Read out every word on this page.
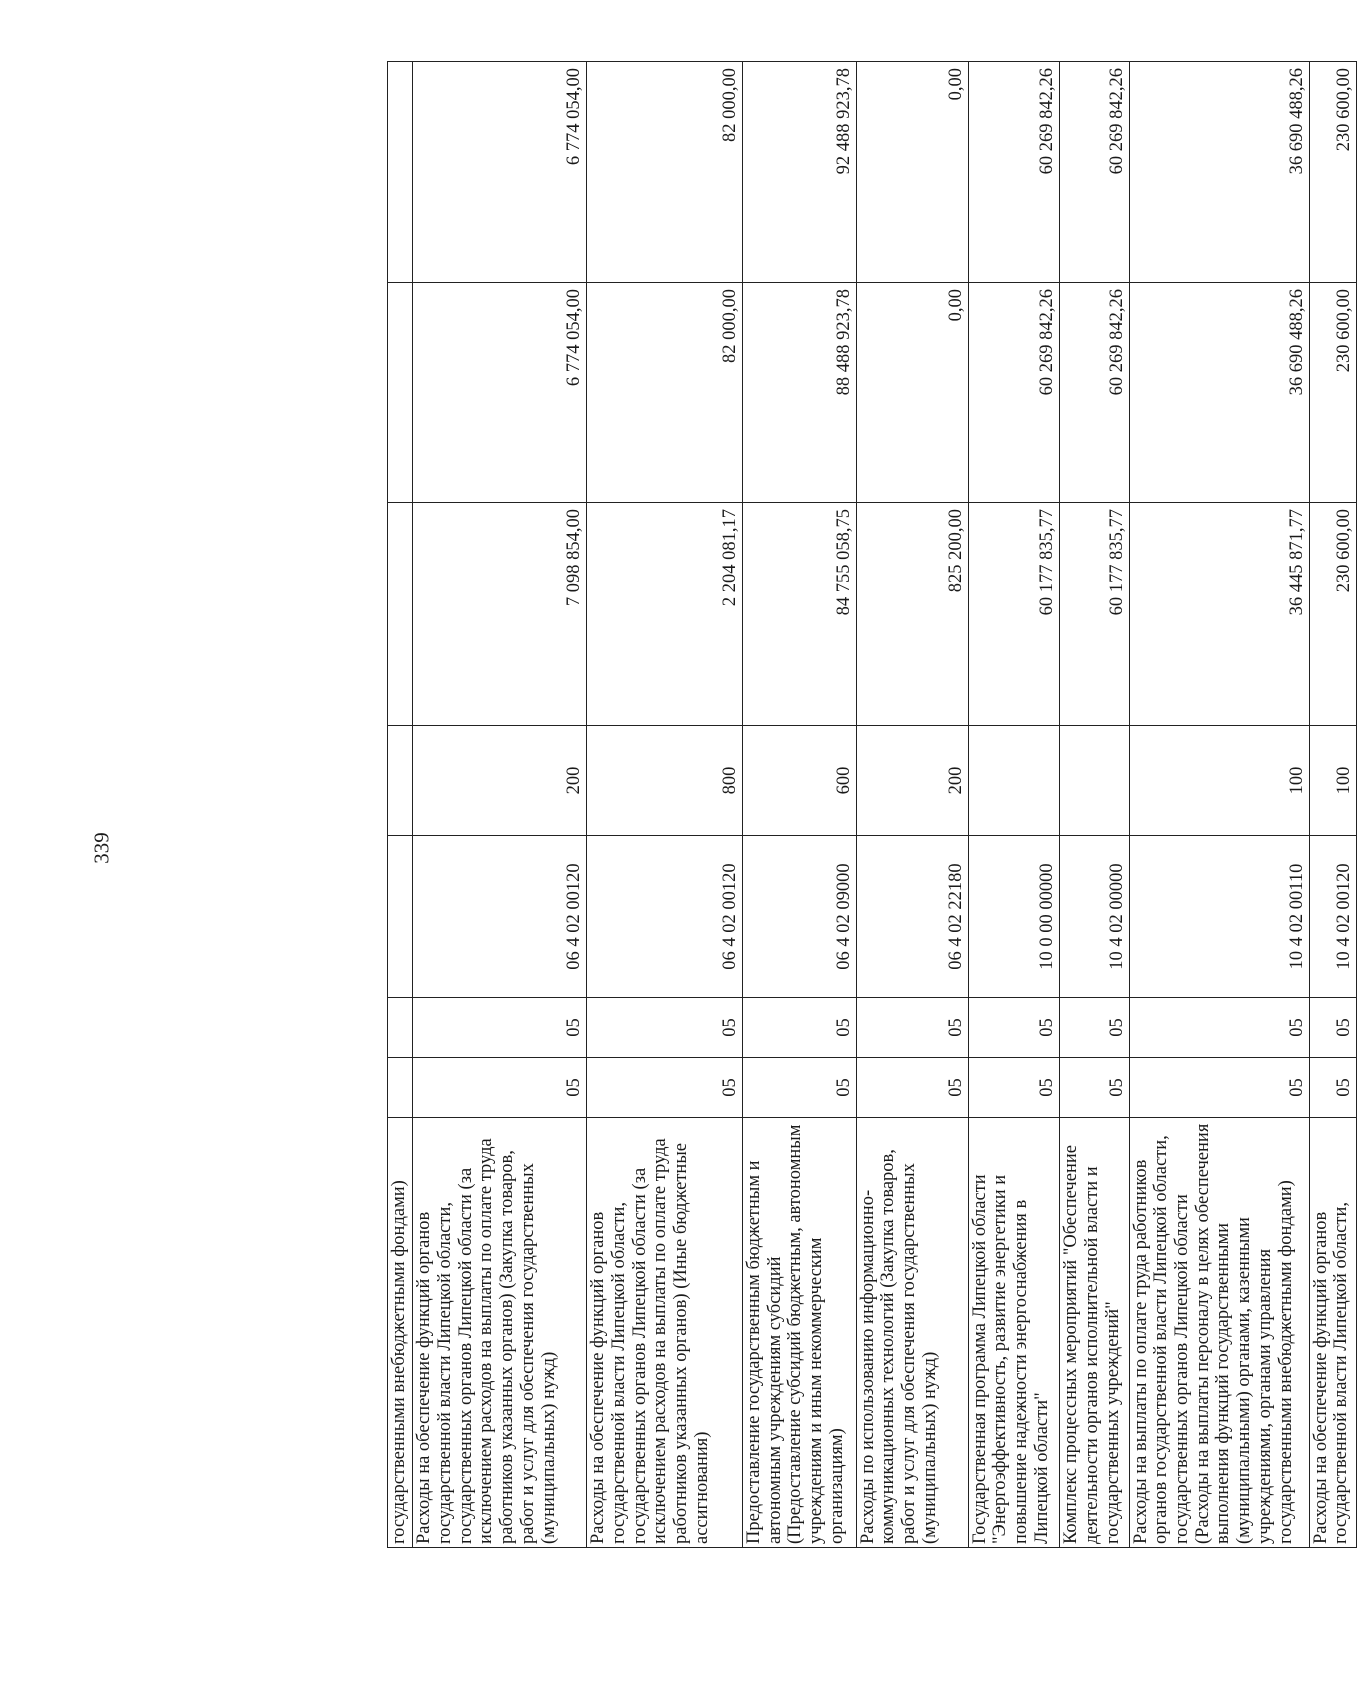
339
государственными внебюджетными фондами)							
Расходы на обеспечение функций органов государственной власти Липецкой области, государственных органов Липецкой области (за исключением расходов на выплаты по оплате труда работников указанных органов) (Закупка товаров, работ и услуг для обеспечения государственных (муниципальных) нужд)	05	05	06 4 02 00120	200	7 098 854,00	6 774 054,00	6 774 054,00
Расходы на обеспечение функций органов государственной власти Липецкой области, государственных органов Липецкой области (за исключением расходов на выплаты по оплате труда работников указанных органов) (Иные бюджетные ассигнования)	05	05	06 4 02 00120	800	2 204 081,17	82 000,00	82 000,00
Предоставление государственным бюджетным и автономным учреждениям субсидий (Предоставление субсидий бюджетным, автономным учреждениям и иным некоммерческим организациям)	05	05	06 4 02 09000	600	84 755 058,75	88 488 923,78	92 488 923,78
Расходы по использованию информационно-коммуникационных технологий (Закупка товаров, работ и услуг для обеспечения государственных (муниципальных) нужд)	05	05	06 4 02 22180	200	825 200,00	0,00	0,00
Государственная программа Липецкой области "Энергоэффективность, развитие энергетики и повышение надежности энергоснабжения в Липецкой области"	05	05	10 0 00 00000		60 177 835,77	60 269 842,26	60 269 842,26
Комплекс процессных мероприятий "Обеспечение деятельности органов исполнительной власти и государственных учреждений"	05	05	10 4 02 00000		60 177 835,77	60 269 842,26	60 269 842,26
Расходы на выплаты по оплате труда работников органов государственной власти Липецкой области, государственных органов Липецкой области (Расходы на выплаты персоналу в целях обеспечения выполнения функций государственными (муниципальными) органами, казенными учреждениями, органами управления государственными внебюджетными фондами)	05	05	10 4 02 00110	100	36 445 871,77	36 690 488,26	36 690 488,26
Расходы на обеспечение функций органов государственной власти Липецкой области,	05	05	10 4 02 00120	100	230 600,00	230 600,00	230 600,00
